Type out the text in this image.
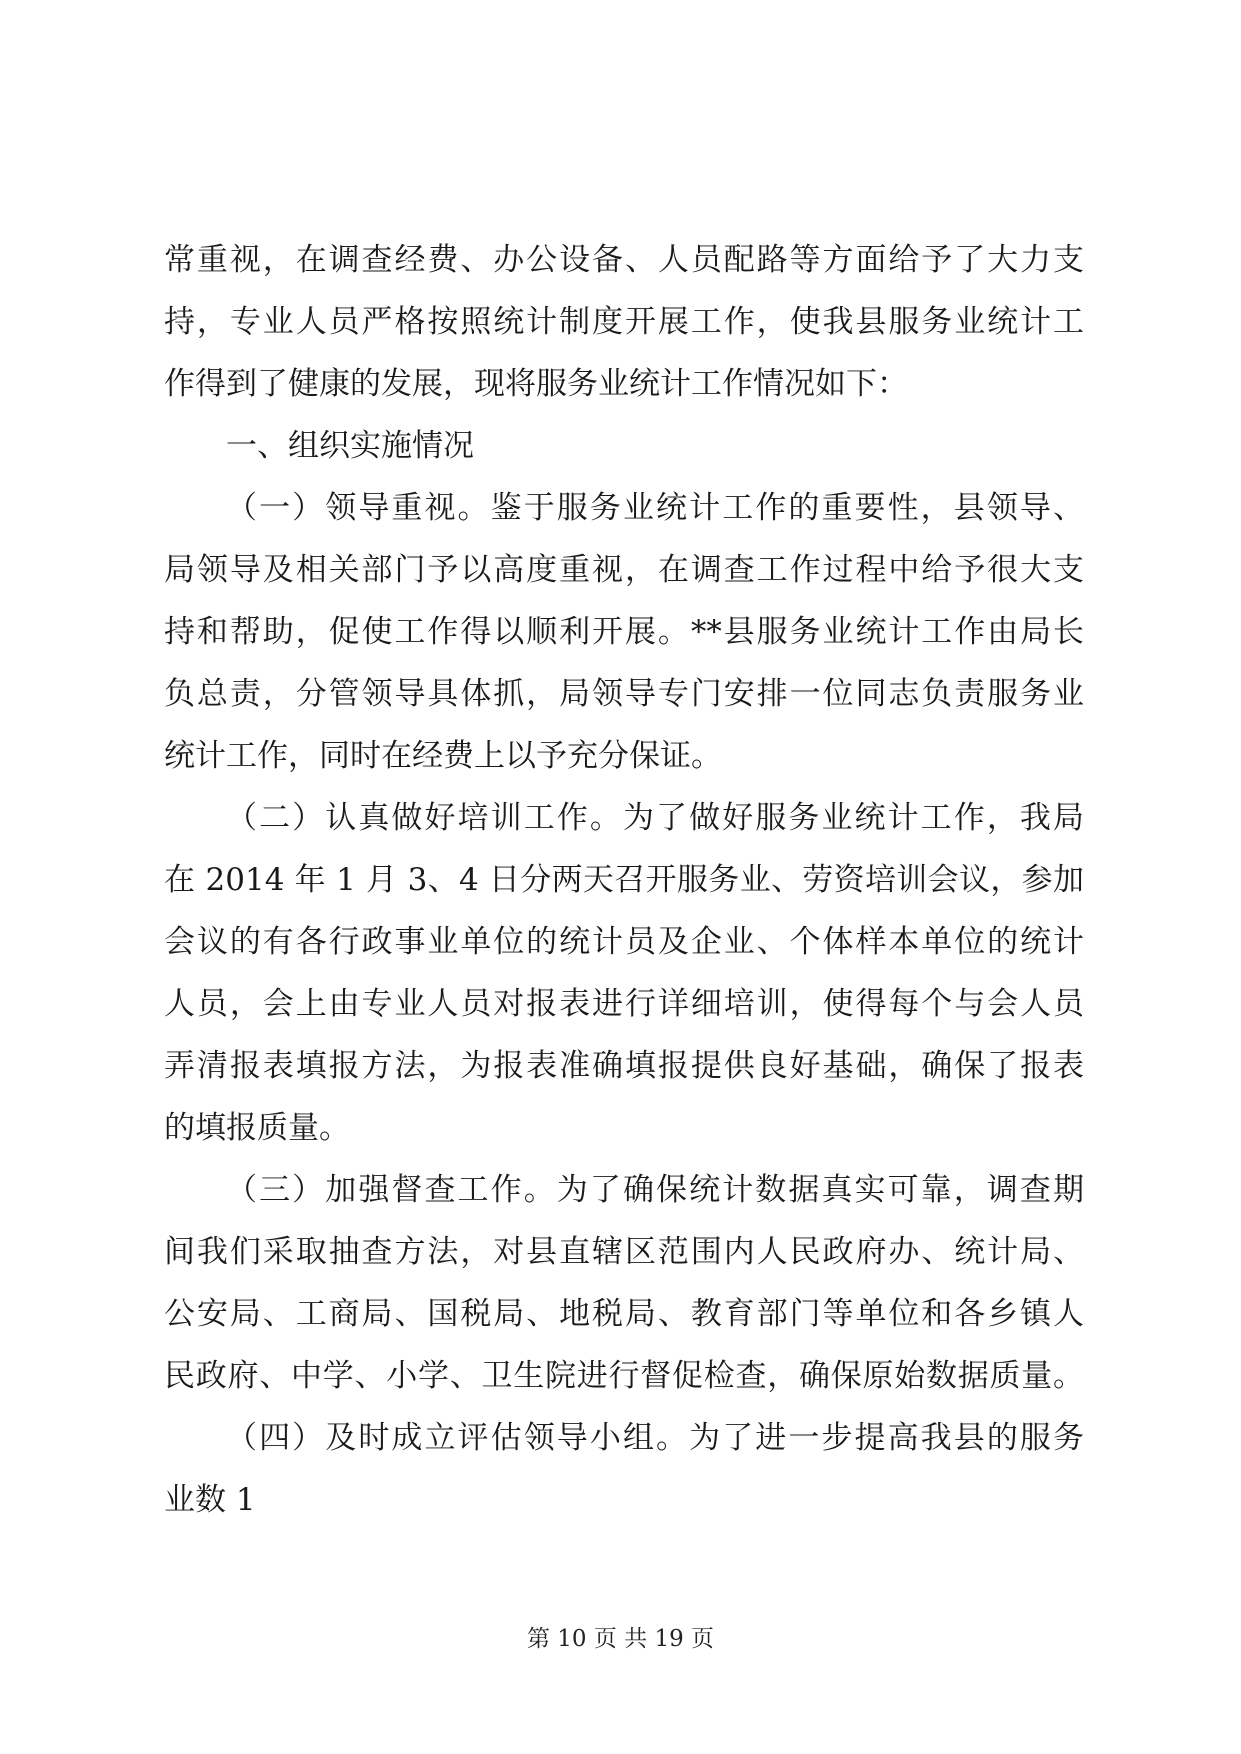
常重视，在调查经费、办公设备、人员配路等方面给予了大力支
持，专业人员严格按照统计制度开展工作，使我县服务业统计工
作得到了健康的发展，现将服务业统计工作情况如下：
一、组织实施情况
（一）领导重视。鉴于服务业统计工作的重要性，县领导、
局领导及相关部门予以高度重视，在调查工作过程中给予很大支
持和帮助，促使工作得以顺利开展。**县服务业统计工作由局长
负总责，分管领导具体抓，局领导专门安排一位同志负责服务业
统计工作，同时在经费上以予充分保证。
（二）认真做好培训工作。为了做好服务业统计工作，我局
在 2014 年 1 月 3、4 日分两天召开服务业、劳资培训会议，参加
会议的有各行政事业单位的统计员及企业、个体样本单位的统计
人员，会上由专业人员对报表进行详细培训，使得每个与会人员
弄清报表填报方法，为报表准确填报提供良好基础，确保了报表
的填报质量。
（三）加强督查工作。为了确保统计数据真实可靠，调查期
间我们采取抽查方法，对县直辖区范围内人民政府办、统计局、
公安局、工商局、国税局、地税局、教育部门等单位和各乡镇人
民政府、中学、小学、卫生院进行督促检查，确保原始数据质量。
（四）及时成立评估领导小组。为了进一步提高我县的服务
业数 1
第 10 页 共 19 页
